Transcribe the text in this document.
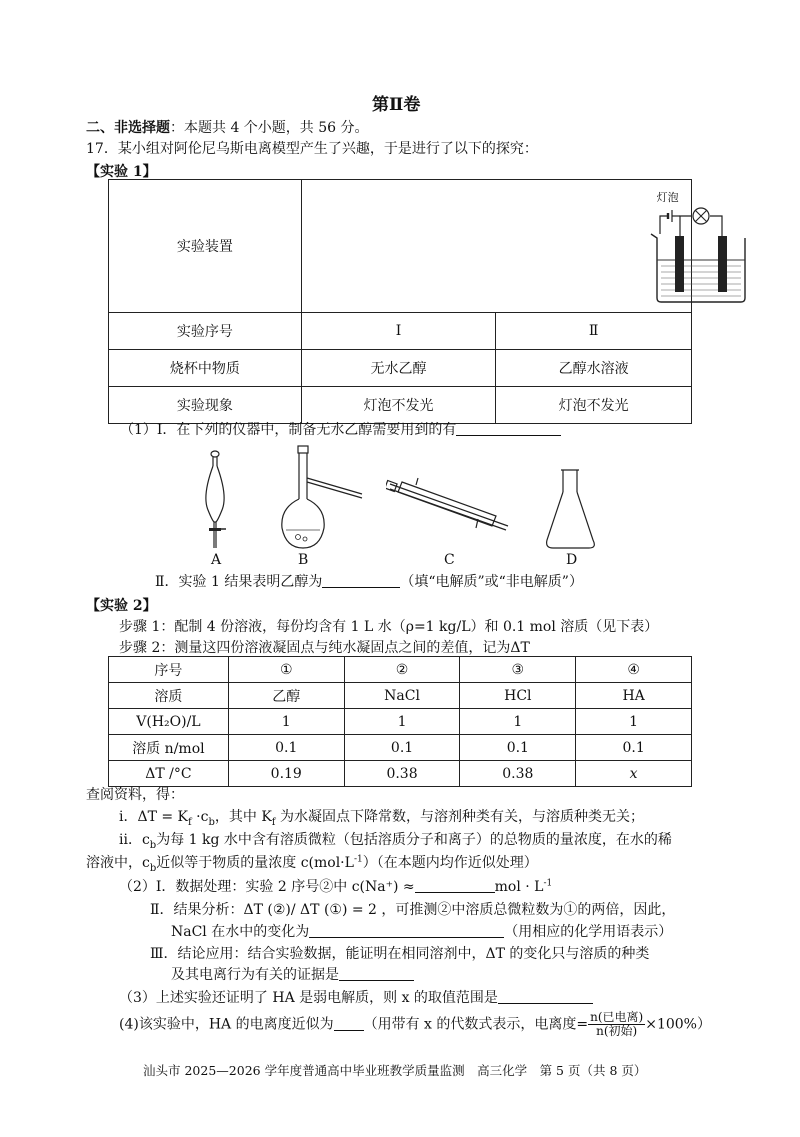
第Ⅱ卷
二、非选择题：本题共 4 个小题，共 56 分。
17．某小组对阿伦尼乌斯电离模型产生了兴趣，于是进行了以下的探究：
【实验 1】
实验装置	灯泡	

实验序号	I	Ⅱ
烧杯中物质	无水乙醇	乙醇水溶液
实验现象	灯泡不发光	灯泡不发光
（1）Ⅰ．在下列的仪器中，制备无水乙醇需要用到的有
A	B	C	D
Ⅱ．实验 1 结果表明乙醇为	（填“电解质”或“非电解质”）
【实验 2】
步骤 1：配制 4 份溶液，每份均含有 1 L 水（ρ=1 kg/L）和 0.1 mol 溶质（见下表）
步骤 2：测量这四份溶液凝固点与纯水凝固点之间的差值，记为ΔT
序号	①	②	③	④
溶质	乙醇	NaCl	HCl	HA
V(H₂O)/L	1	1	1	1
溶质 n/mol	0.1	0.1	0.1	0.1
ΔT /°C	0.19	0.38	0.38	x
查阅资料，得：
i．$\Delta T = K_f \cdot c_b$，其中 $K_f$ 为水凝固点下降常数，与溶剂种类有关，与溶质种类无关；
ii．$c_b$为每 1 kg 水中含有溶质微粒（包括溶质分子和离子）的总物质的量浓度，在水的稀
溶液中，$c_b$近似等于物质的量浓度 $c(mol\cdot L^{-1})$（在本题内均作近似处理）
（2）Ⅰ．数据处理：实验 2 序号②中 c(Na⁺) ≈	mol · $L^{-1}$
Ⅱ．结果分析：ΔT (②)/ ΔT (①) = 2 ，可推测②中溶质总微粒数为①的两倍，因此，
NaCl 在水中的变化为	（用相应的化学用语表示）
Ⅲ．结论应用：结合实验数据，能证明在相同溶剂中，ΔT 的变化只与溶质的种类
及其电离行为有关的证据是
（3）上述实验还证明了 HA 是弱电解质，则 x 的取值范围是
(4)该实验中，HA 的电离度近似为 （用带有 x 的代数式表示，电离度= $\frac{\text{n(已电离)}}{\text{n(初始)}} \times 100\%$）
汕头市 2025—2026 学年度普通高中毕业班教学质量监测　高三化学　第 5 页（共 8 页）
